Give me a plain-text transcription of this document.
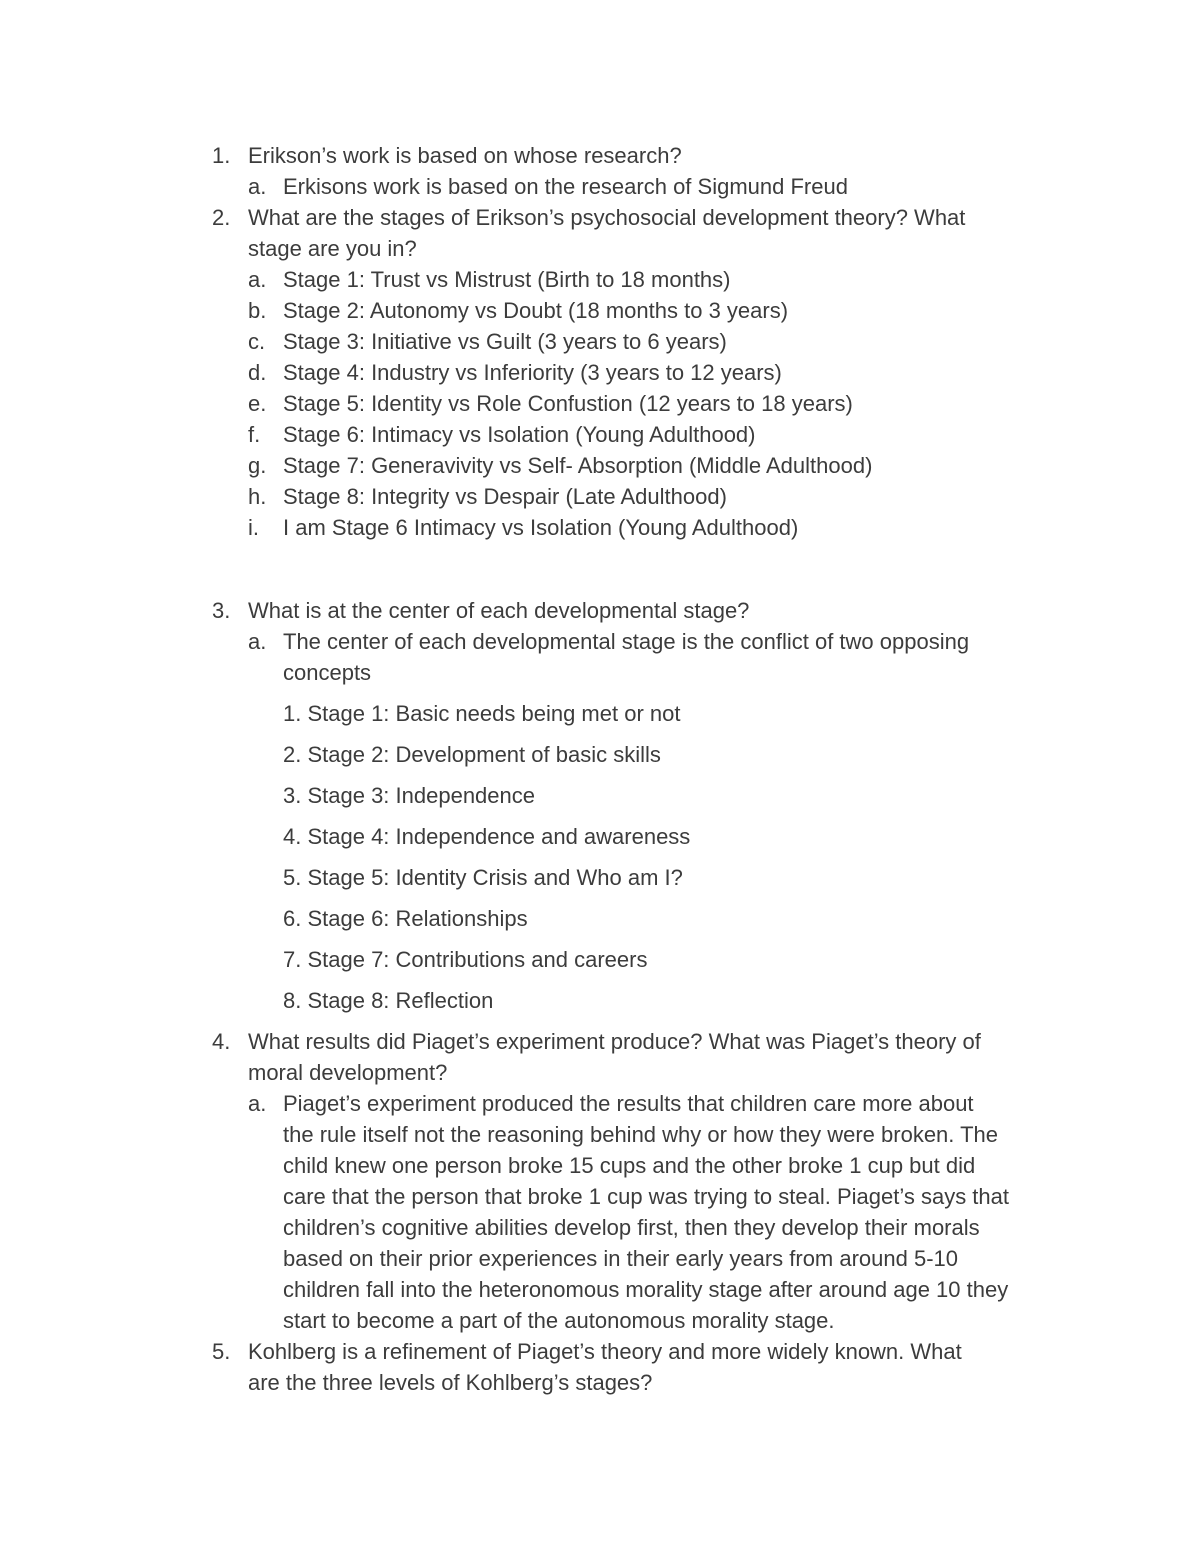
1. Erikson’s work is based on whose research?
a. Erkisons work is based on the research of Sigmund Freud
2. What are the stages of Erikson’s psychosocial development theory? What
stage are you in?
a. Stage 1: Trust vs Mistrust (Birth to 18 months)
b. Stage 2: Autonomy vs Doubt (18 months to 3 years)
c. Stage 3: Initiative vs Guilt (3 years to 6 years)
d. Stage 4: Industry vs Inferiority (3 years to 12 years)
e. Stage 5: Identity vs Role Confustion (12 years to 18 years)
f. Stage 6: Intimacy vs Isolation (Young Adulthood)
g. Stage 7: Generavivity vs Self- Absorption (Middle Adulthood)
h. Stage 8: Integrity vs Despair (Late Adulthood)
i. I am Stage 6 Intimacy vs Isolation (Young Adulthood)
3. What is at the center of each developmental stage?
a. The center of each developmental stage is the conflict of two opposing
concepts
1. Stage 1: Basic needs being met or not
2. Stage 2: Development of basic skills
3. Stage 3: Independence
4. Stage 4: Independence and awareness
5. Stage 5: Identity Crisis and Who am I?
6. Stage 6: Relationships
7. Stage 7: Contributions and careers
8. Stage 8: Reflection
4. What results did Piaget’s experiment produce? What was Piaget’s theory of
moral development?
a. Piaget’s experiment produced the results that children care more about
the rule itself not the reasoning behind why or how they were broken. The
child knew one person broke 15 cups and the other broke 1 cup but did
care that the person that broke 1 cup was trying to steal. Piaget’s says that
children’s cognitive abilities develop first, then they develop their morals
based on their prior experiences in their early years from around 5-10
children fall into the heteronomous morality stage after around age 10 they
start to become a part of the autonomous morality stage.
5. Kohlberg is a refinement of Piaget’s theory and more widely known. What
are the three levels of Kohlberg’s stages?
